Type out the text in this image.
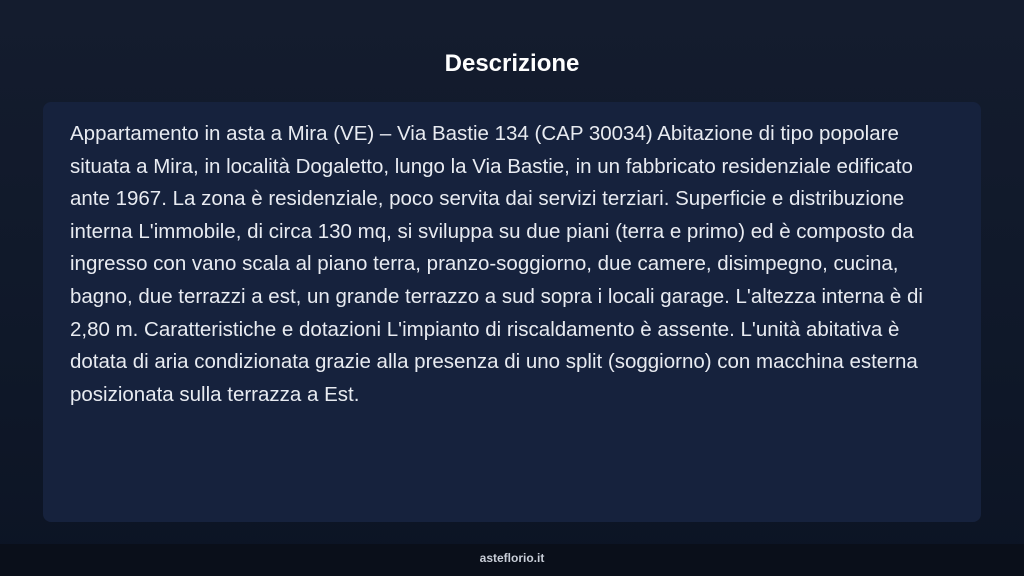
Descrizione

Appartamento in asta a Mira (VE) – Via Bastie 134 (CAP 30034) Abitazione di tipo popolare situata a Mira, in località Dogaletto, lungo la Via Bastie, in un fabbricato residenziale edificato ante 1967. La zona è residenziale, poco servita dai servizi terziari. Superficie e distribuzione interna L'immobile, di circa 130 mq, si sviluppa su due piani (terra e primo) ed è composto da ingresso con vano scala al piano terra, pranzo-soggiorno, due camere, disimpegno, cucina, bagno, due terrazzi a est, un grande terrazzo a sud sopra i locali garage. L'altezza interna è di 2,80 m. Caratteristiche e dotazioni L'impianto di riscaldamento è assente. L'unità abitativa è dotata di aria condizionata grazie alla presenza di uno split (soggiorno) con macchina esterna posizionata sulla terrazza a Est.

asteflorio.it
